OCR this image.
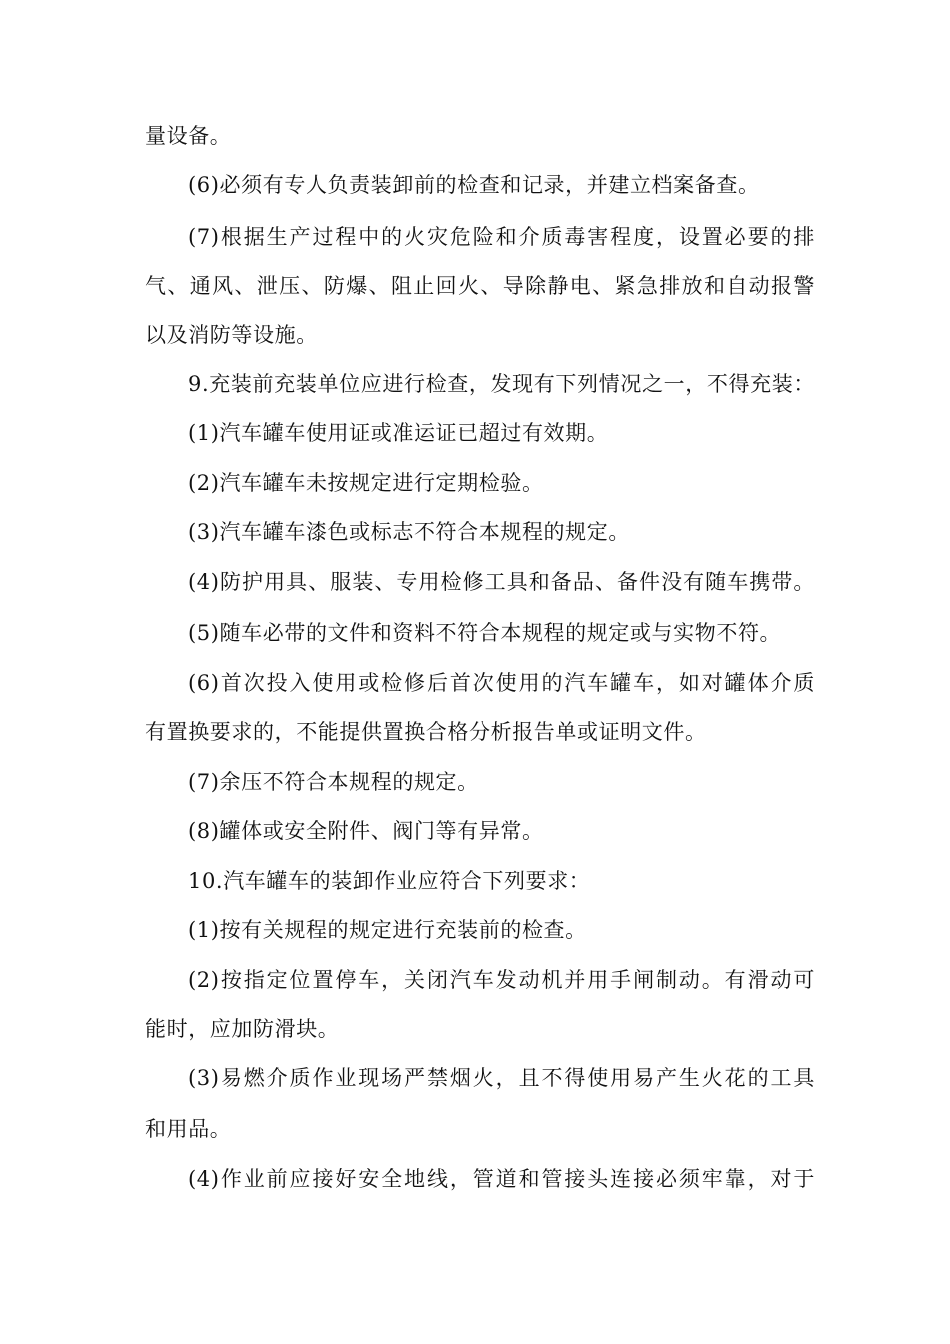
量设备。
(6)必须有专人负责装卸前的检查和记录，并建立档案备查。
(7)根据生产过程中的火灾危险和介质毒害程度，设置必要的排
气、通风、泄压、防爆、阻止回火、导除静电、紧急排放和自动报警
以及消防等设施。
9.充装前充装单位应进行检查，发现有下列情况之一，不得充装：
(1)汽车罐车使用证或准运证已超过有效期。
(2)汽车罐车未按规定进行定期检验。
(3)汽车罐车漆色或标志不符合本规程的规定。
(4)防护用具、服装、专用检修工具和备品、备件没有随车携带。
(5)随车必带的文件和资料不符合本规程的规定或与实物不符。
(6)首次投入使用或检修后首次使用的汽车罐车，如对罐体介质
有置换要求的，不能提供置换合格分析报告单或证明文件。
(7)余压不符合本规程的规定。
(8)罐体或安全附件、阀门等有异常。
10.汽车罐车的装卸作业应符合下列要求：
(1)按有关规程的规定进行充装前的检查。
(2)按指定位置停车，关闭汽车发动机并用手闸制动。有滑动可
能时，应加防滑块。
(3)易燃介质作业现场严禁烟火，且不得使用易产生火花的工具
和用品。
(4)作业前应接好安全地线，管道和管接头连接必须牢靠，对于
